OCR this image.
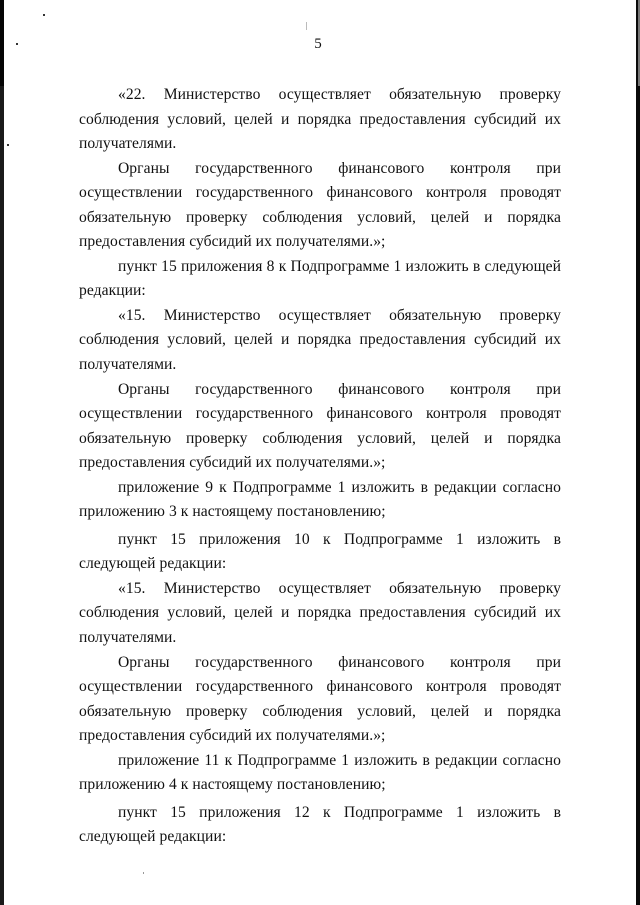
5

«22. Министерство осуществляет обязательную проверку соблюдения условий, целей и порядка предоставления субсидий их получателями.

Органы государственного финансового контроля при осуществлении государственного финансового контроля проводят обязательную проверку соблюдения условий, целей и порядка предоставления субсидий их получателями.»;

пункт 15 приложения 8 к Подпрограмме 1 изложить в следующей редакции:

«15. Министерство осуществляет обязательную проверку соблюдения условий, целей и порядка предоставления субсидий их получателями.

Органы государственного финансового контроля при осуществлении государственного финансового контроля проводят обязательную проверку соблюдения условий, целей и порядка предоставления субсидий их получателями.»;

приложение 9 к Подпрограмме 1 изложить в редакции согласно приложению 3 к настоящему постановлению;

пункт 15 приложения 10 к Подпрограмме 1 изложить в следующей редакции:

«15. Министерство осуществляет обязательную проверку соблюдения условий, целей и порядка предоставления субсидий их получателями.

Органы государственного финансового контроля при осуществлении государственного финансового контроля проводят обязательную проверку соблюдения условий, целей и порядка предоставления субсидий их получателями.»;

приложение 11 к Подпрограмме 1 изложить в редакции согласно приложению 4 к настоящему постановлению;

пункт 15 приложения 12 к Подпрограмме 1 изложить в следующей редакции:
